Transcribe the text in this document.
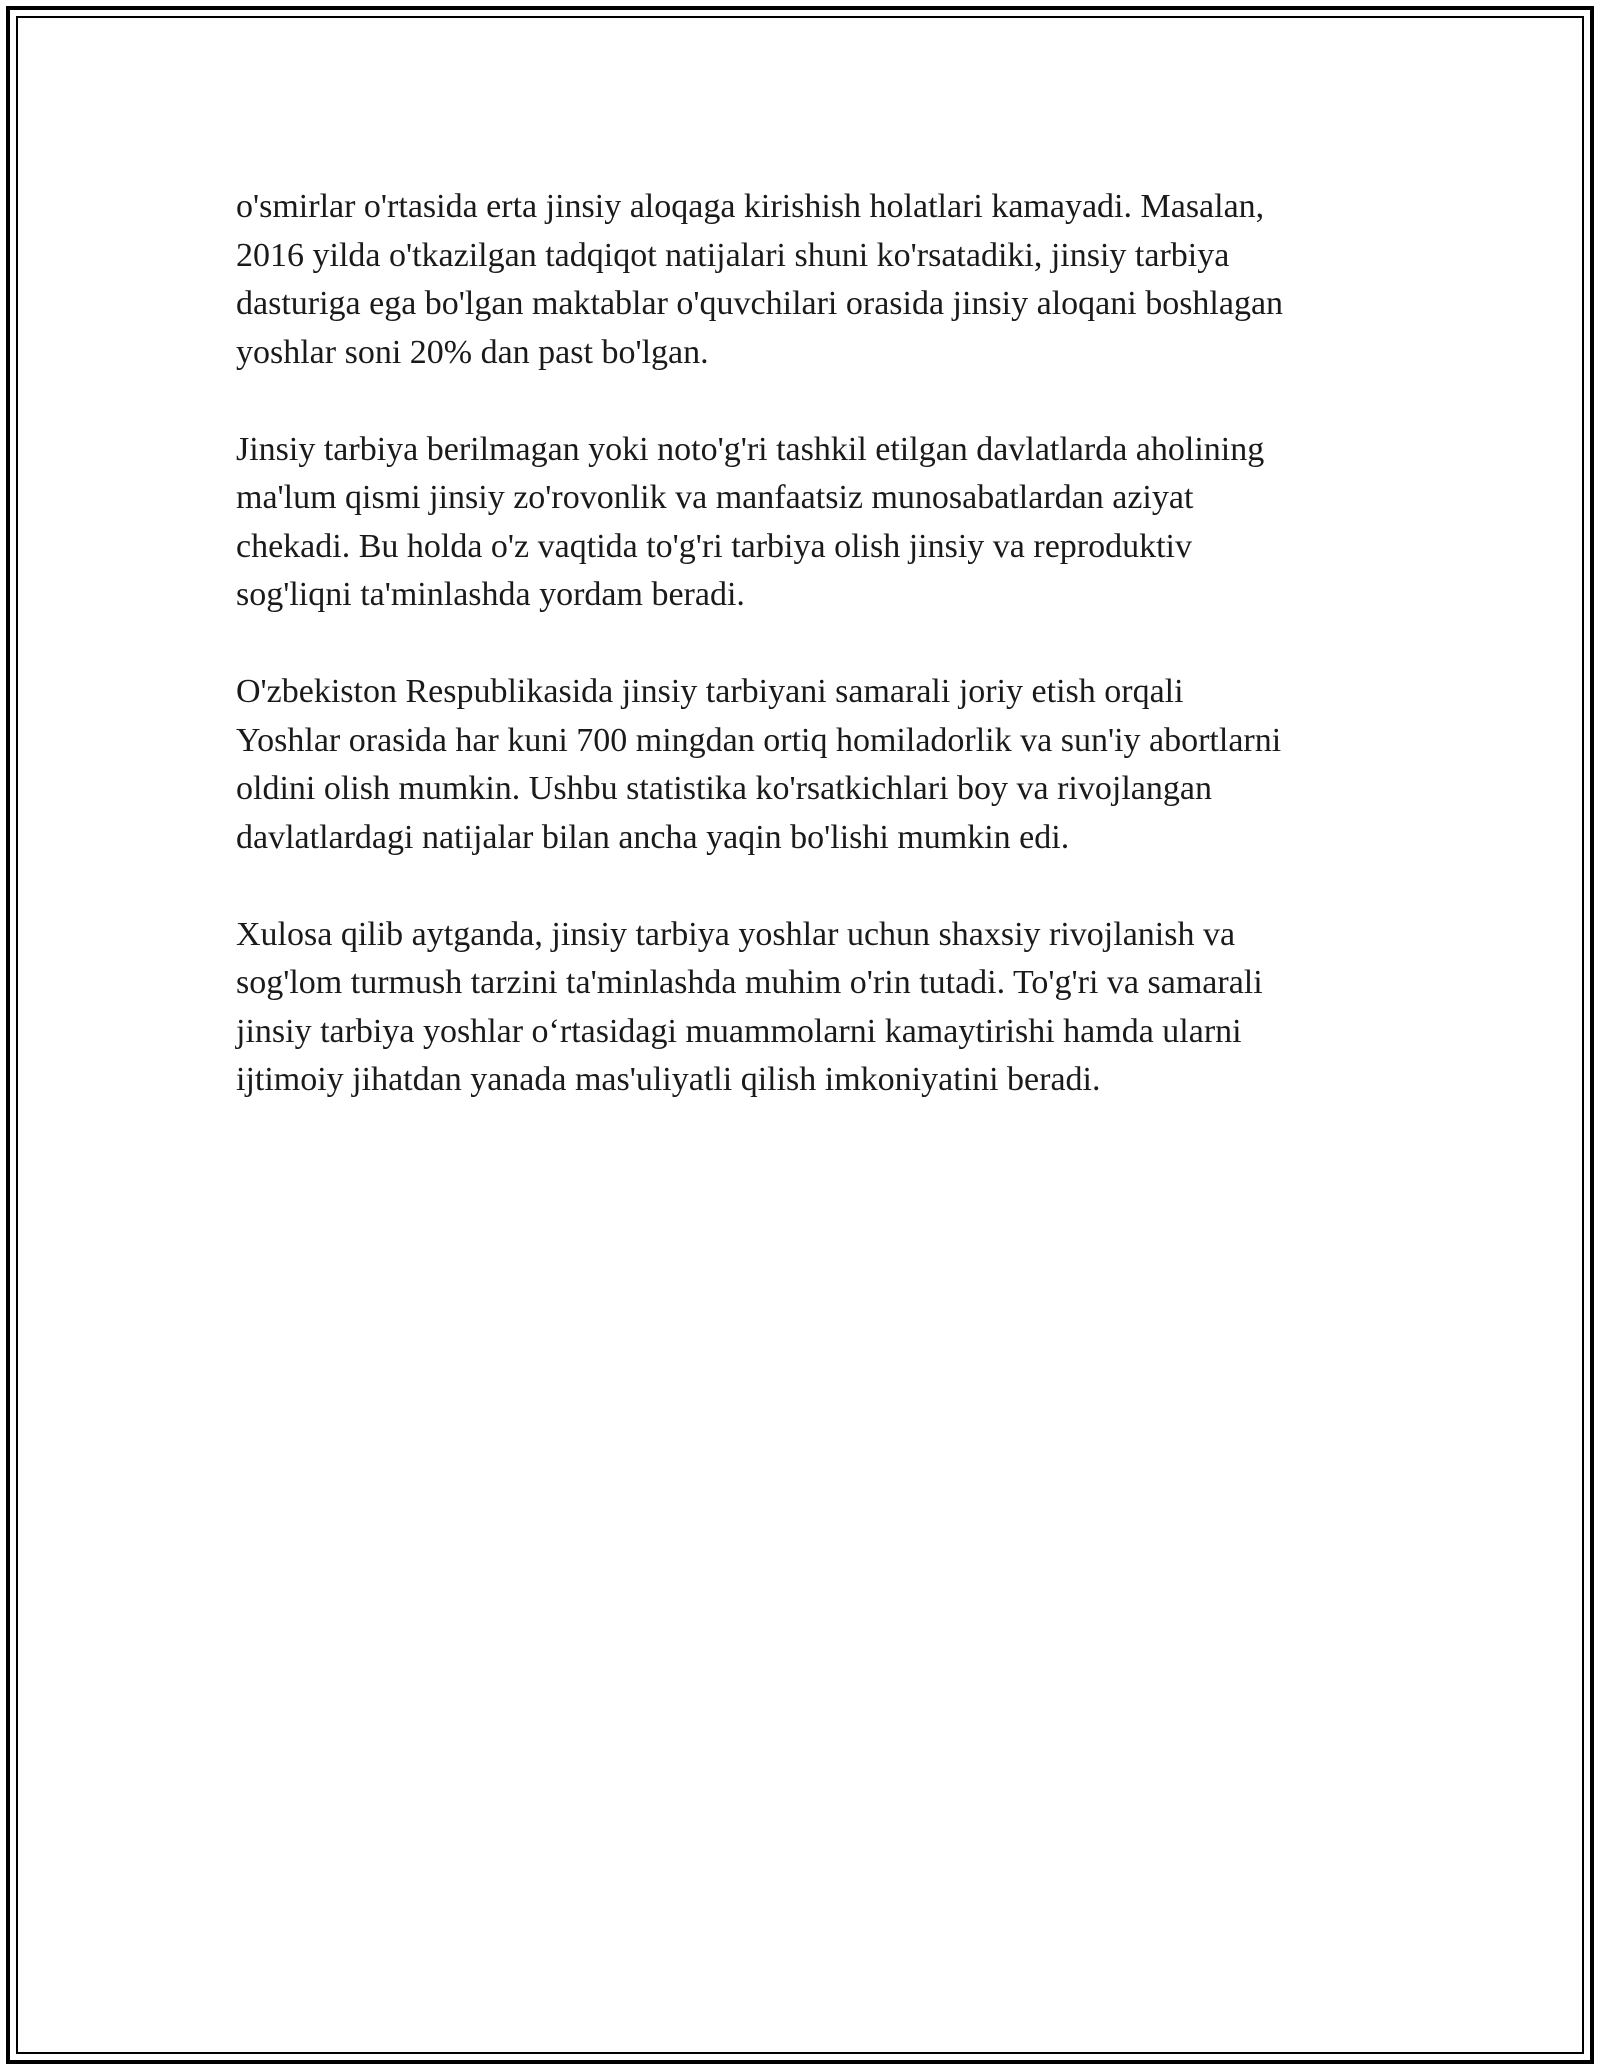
o'smirlar o'rtasida erta jinsiy aloqaga kirishish holatlari kamayadi. Masalan,
2016 yilda o'tkazilgan tadqiqot natijalari shuni ko'rsatadiki, jinsiy tarbiya
dasturiga ega bo'lgan maktablar o'quvchilari orasida jinsiy aloqani boshlagan
yoshlar soni 20% dan past bo'lgan.

Jinsiy tarbiya berilmagan yoki noto'g'ri tashkil etilgan davlatlarda aholining
ma'lum qismi jinsiy zo'rovonlik va manfaatsiz munosabatlardan aziyat
chekadi. Bu holda o'z vaqtida to'g'ri tarbiya olish jinsiy va reproduktiv
sog'liqni ta'minlashda yordam beradi.

O'zbekiston Respublikasida jinsiy tarbiyani samarali joriy etish orqali
Yoshlar orasida har kuni 700 mingdan ortiq homiladorlik va sun'iy abortlarni
oldini olish mumkin. Ushbu statistika ko'rsatkichlari boy va rivojlangan
davlatlardagi natijalar bilan ancha yaqin bo'lishi mumkin edi.

Xulosa qilib aytganda, jinsiy tarbiya yoshlar uchun shaxsiy rivojlanish va
sog'lom turmush tarzini ta'minlashda muhim o'rin tutadi. To'g'ri va samarali
jinsiy tarbiya yoshlar o‘rtasidagi muammolarni kamaytirishi hamda ularni
ijtimoiy jihatdan yanada mas'uliyatli qilish imkoniyatini beradi.
